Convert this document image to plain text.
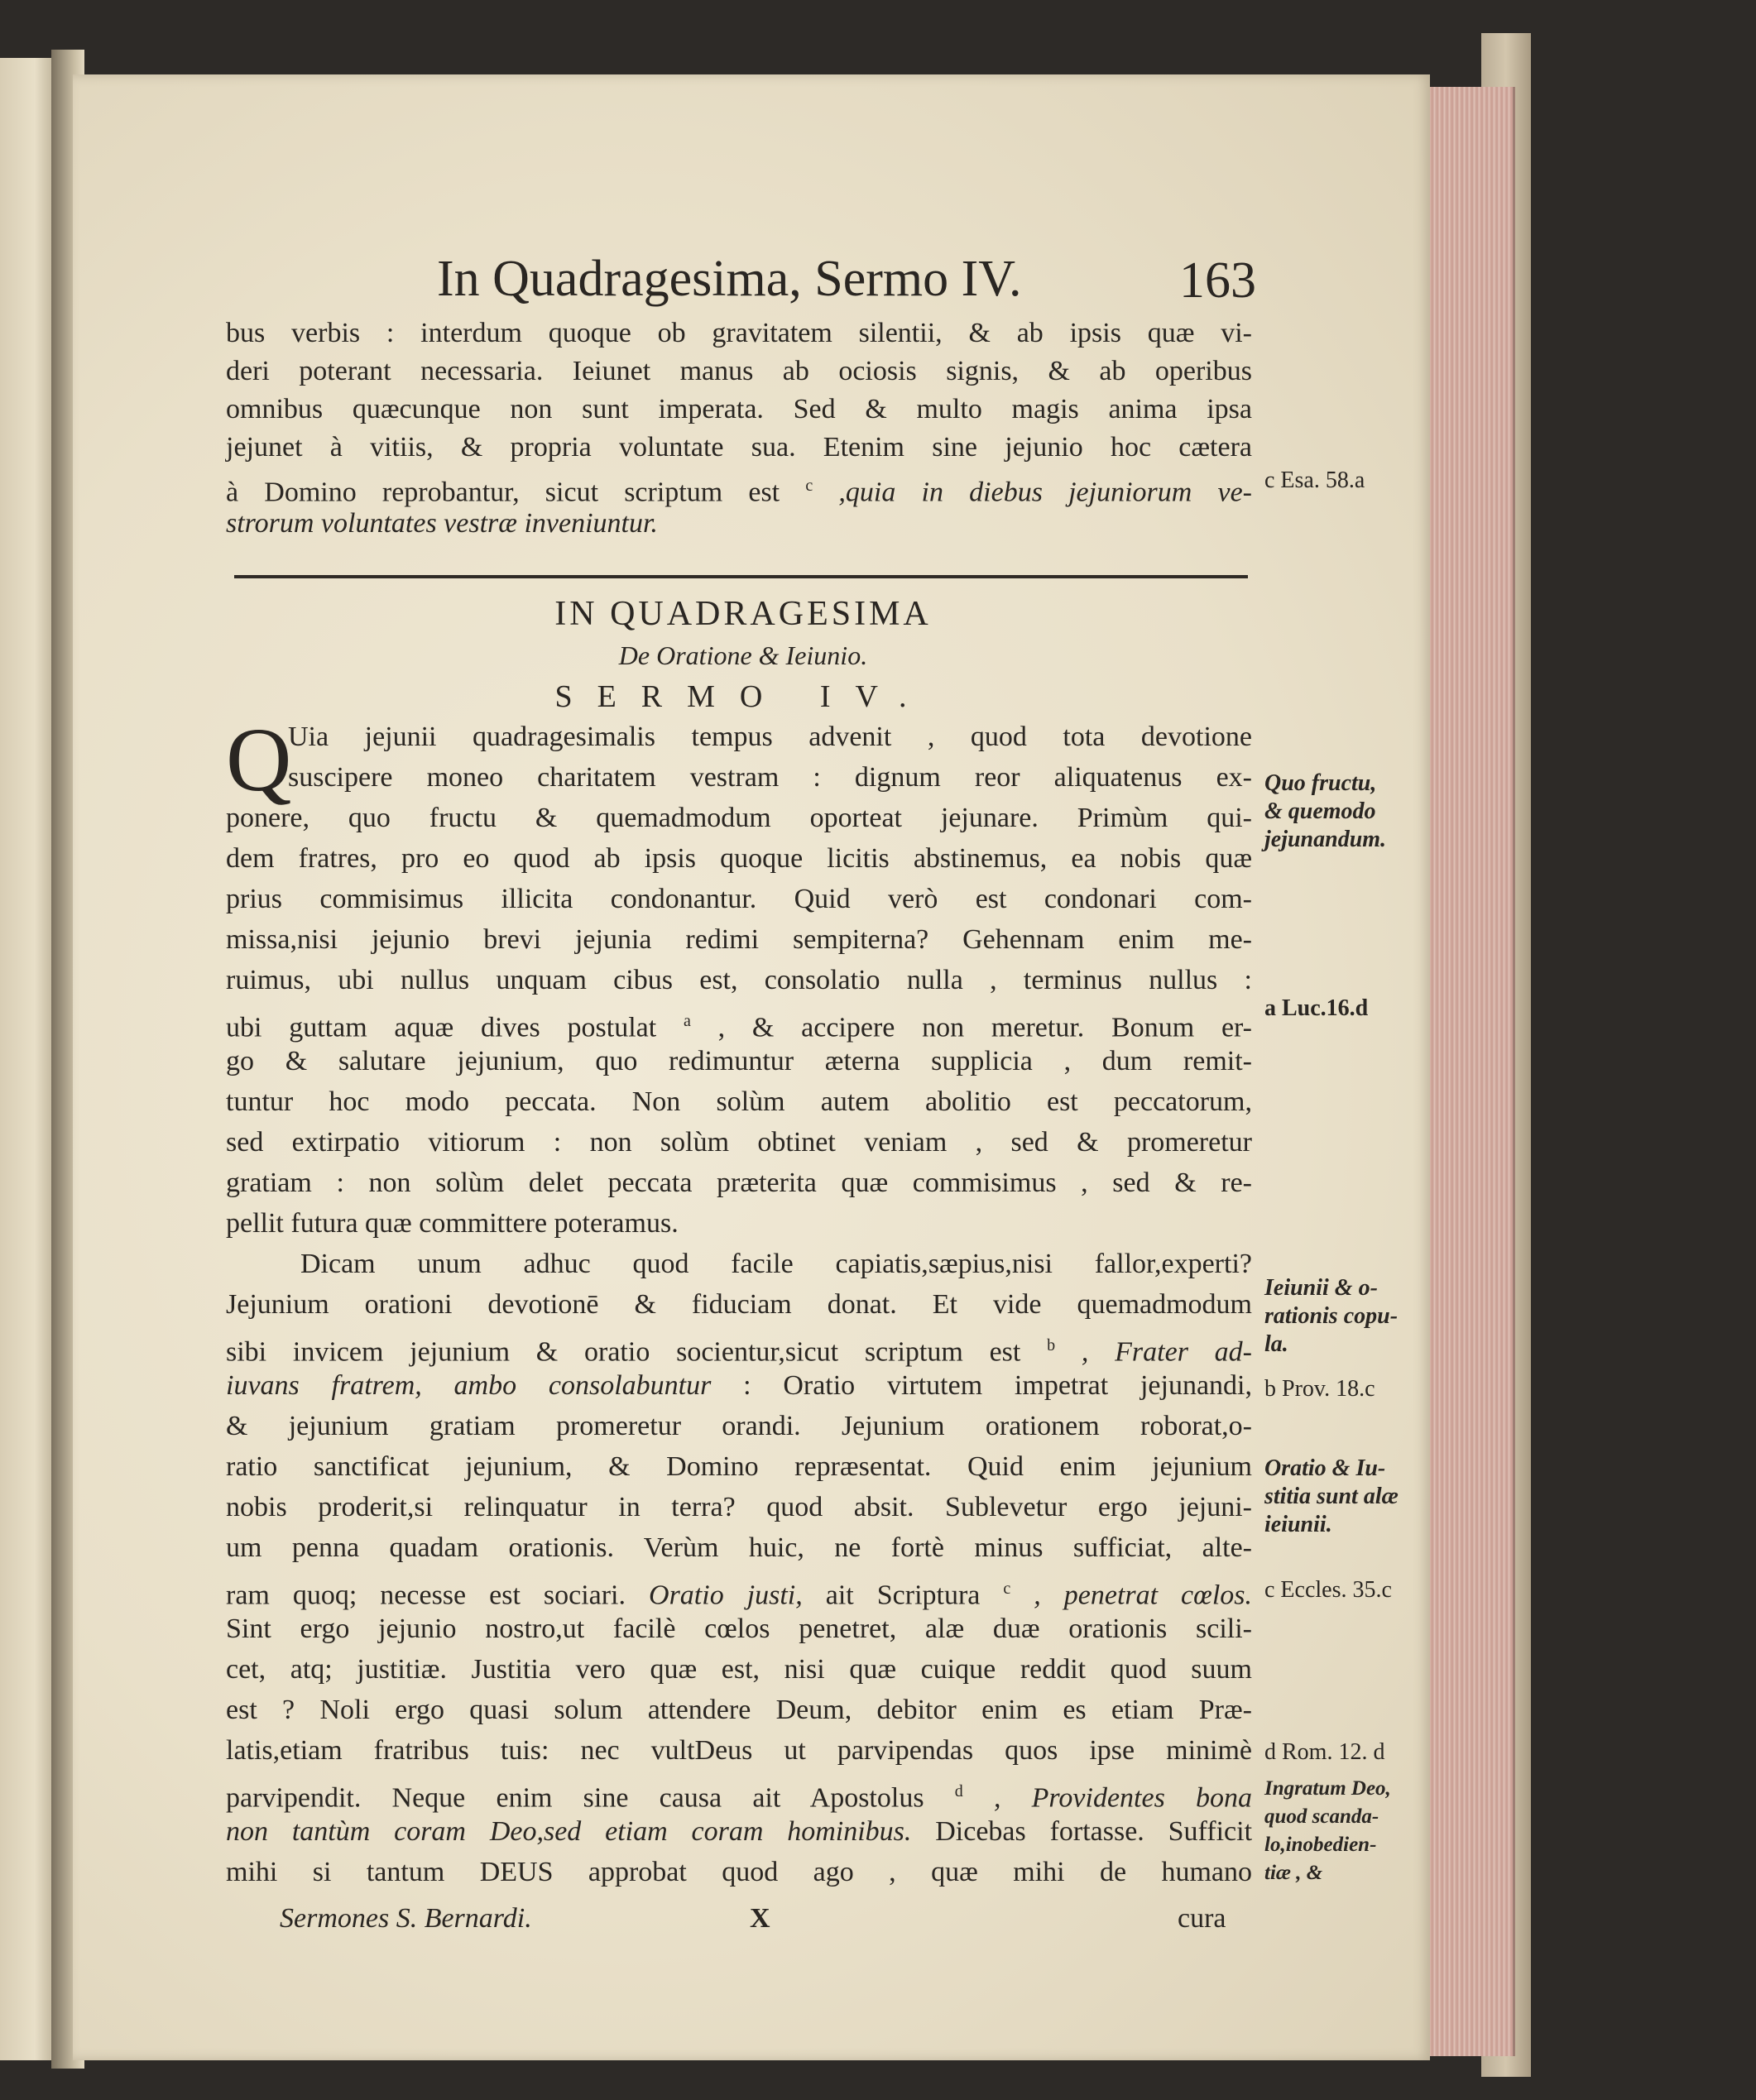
In Quadragesima, Sermo IV.	163
bus verbis : interdum quoque ob gravitatem silentii, & ab ipsis quæ vi-
deri poterant necessaria. Ieiunet manus ab ociosis signis, & ab operibus
omnibus quæcunque non sunt imperata. Sed & multo magis anima ipsa
jejunet à vitiis, & propria voluntate sua. Etenim sine jejunio hoc cætera
à Domino reprobantur, sicut scriptum est $^c$ ,quia in diebus jejuniorum ve-
strorum voluntates vestræ inveniuntur.
IN QUADRAGESIMA
De Oratione & Ieiunio.
SERMO IV.
Q
Uia jejunii quadragesimalis tempus advenit , quod tota devotione
suscipere moneo charitatem vestram : dignum reor aliquatenus ex-
ponere, quo fructu & quemadmodum oporteat jejunare. Primùm qui-
dem fratres, pro eo quod ab ipsis quoque licitis abstinemus, ea nobis quæ
prius commisimus illicita condonantur. Quid verò est condonari com-
missa,nisi jejunio brevi jejunia redimi sempiterna? Gehennam enim me-
ruimus, ubi nullus unquam cibus est, consolatio nulla , terminus nullus :
ubi guttam aquæ dives postulat $^a$ , & accipere non meretur. Bonum er-
go & salutare jejunium, quo redimuntur æterna supplicia , dum remit-
tuntur hoc modo peccata. Non solùm autem abolitio est peccatorum,
sed extirpatio vitiorum : non solùm obtinet veniam , sed & promeretur
gratiam : non solùm delet peccata præterita quæ commisimus , sed & re-
pellit futura quæ committere poteramus.
Dicam unum adhuc quod facile capiatis,sæpius,nisi fallor,experti?
Jejunium orationi devotionē & fiduciam donat. Et vide quemadmodum
sibi invicem jejunium & oratio socientur,sicut scriptum est $^b$ , Frater ad-
iuvans fratrem, ambo consolabuntur : Oratio virtutem impetrat jejunandi,
& jejunium gratiam promeretur orandi. Jejunium orationem roborat,o-
ratio sanctificat jejunium, & Domino repræsentat. Quid enim jejunium
nobis proderit,si relinquatur in terra? quod absit. Sublevetur ergo jejuni-
um penna quadam orationis. Verùm huic, ne fortè minus sufficiat, alte-
ram quoq; necesse est sociari. Oratio justi, ait Scriptura $^c$ , penetrat cœlos.
Sint ergo jejunio nostro,ut facilè cœlos penetret, alæ duæ orationis scili-
cet, atq; justitiæ. Justitia vero quæ est, nisi quæ cuique reddit quod suum
est ? Noli ergo quasi solum attendere Deum, debitor enim es etiam Præ-
latis,etiam fratribus tuis: nec vultDeus ut parvipendas quos ipse minimè
parvipendit. Neque enim sine causa ait Apostolus $^d$ , Providentes bona
non tantùm coram Deo,sed etiam coram hominibus. Dicebas fortasse. Sufficit
mihi si tantum DEUS approbat quod ago , quæ mihi de humano
Sermones S. Bernardi.	X	cura
c Esa. 58.a
Quo fructu,
& quemodo
jejunandum.
a Luc.16.d
Ieiunii & o-
rationis copu-
la.
b Prov. 18.c
Oratio & Iu-
stitia sunt alæ
ieiunii.
c Eccles. 35.c
d Rom. 12. d
Ingratum Deo,
quod scanda-
lo,inobedien-
tiæ , &
